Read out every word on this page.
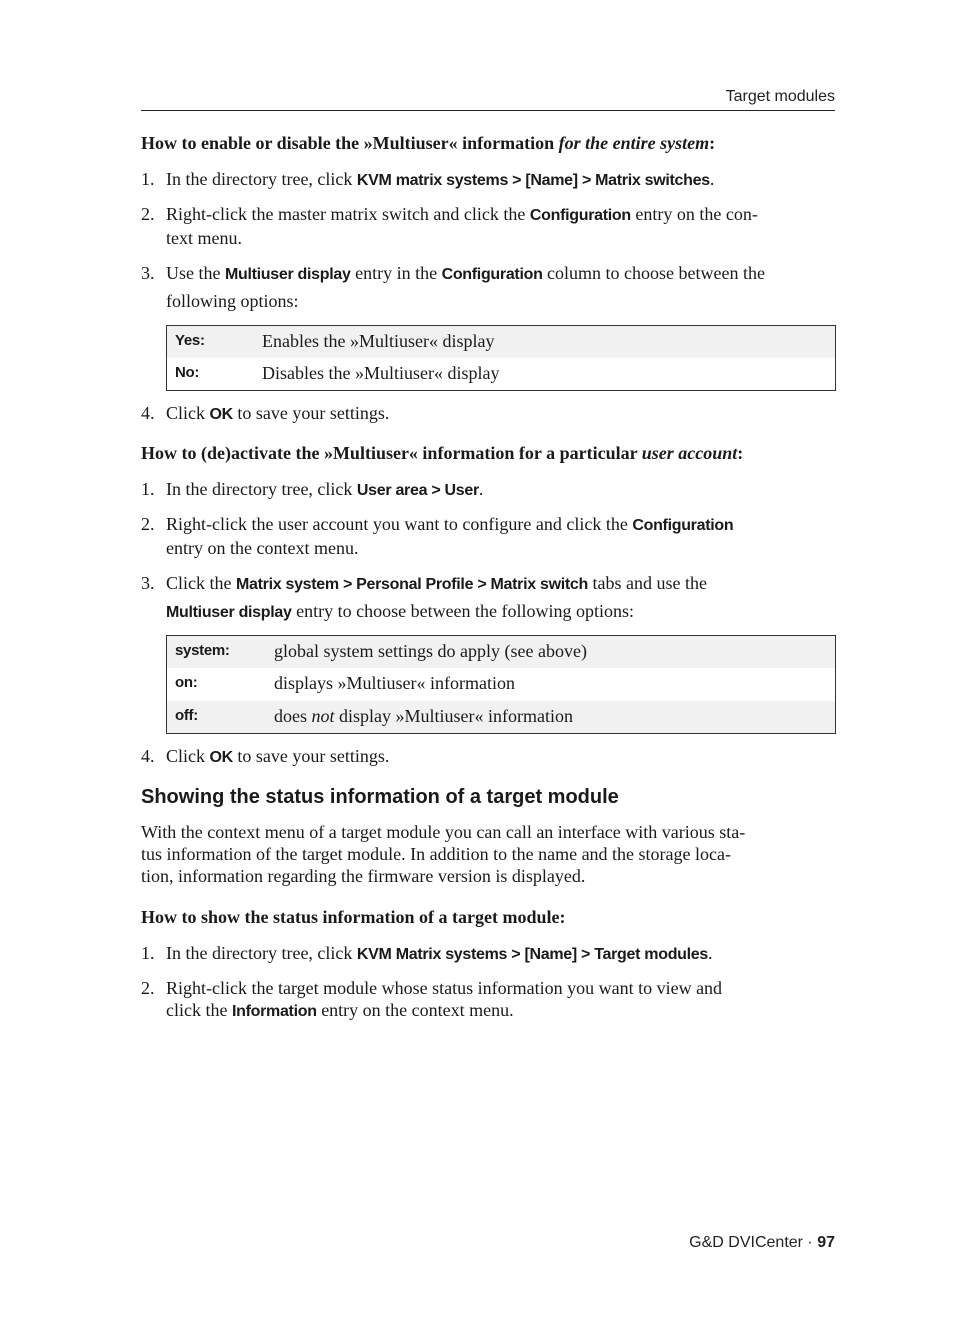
Target modules
How to enable or disable the »Multiuser« information for the entire system:
1. In the directory tree, click KVM matrix systems > [Name] > Matrix switches.
2. Right-click the master matrix switch and click the Configuration entry on the con-
text menu.
3. Use the Multiuser display entry in the Configuration column to choose between the
following options:
Yes:	Enables the »Multiuser« display
No:	Disables the »Multiuser« display
4. Click OK to save your settings.
How to (de)activate the »Multiuser« information for a particular user account:
1. In the directory tree, click User area > User.
2. Right-click the user account you want to configure and click the Configuration
entry on the context menu.
3. Click the Matrix system > Personal Profile > Matrix switch tabs and use the
Multiuser display entry to choose between the following options:
system: global system settings do apply (see above)
on:	displays »Multiuser« information
off:	does not display »Multiuser« information
4. Click OK to save your settings.
Showing the status information of a target module
With the context menu of a target module you can call an interface with various sta-
tus information of the target module. In addition to the name and the storage loca-
tion, information regarding the firmware version is displayed.
How to show the status information of a target module:
1. In the directory tree, click KVM Matrix systems > [Name] > Target modules.
2. Right-click the target module whose status information you want to view and
click the Information entry on the context menu.
G&D DVICenter · 97
